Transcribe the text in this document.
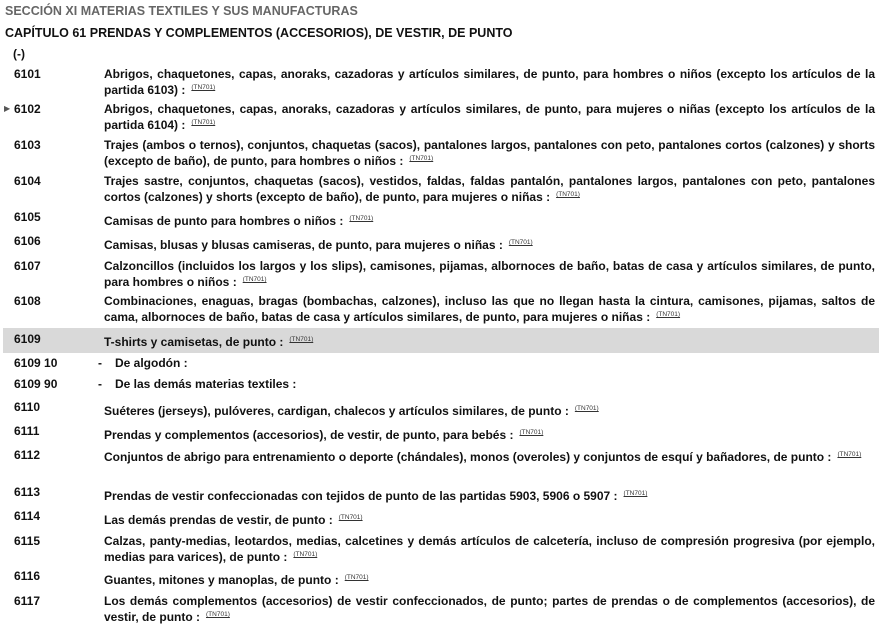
SECCIÓN XI MATERIAS TEXTILES Y SUS MANUFACTURAS
CAPÍTULO 61 PRENDAS Y COMPLEMENTOS (ACCESORIOS), DE VESTIR, DE PUNTO
(-)
6101	Abrigos, chaquetones, capas, anoraks, cazadoras y artículos similares, de punto, para hombres o niños (excepto los artículos de la partida 6103) : $^{(TN701)}$
▶ 6102	Abrigos, chaquetones, capas, anoraks, cazadoras y artículos similares, de punto, para mujeres o niñas (excepto los artículos de la partida 6104) : $^{(TN701)}$
6103	Trajes (ambos o ternos), conjuntos, chaquetas (sacos), pantalones largos, pantalones con peto, pantalones cortos (calzones) y shorts (excepto de baño), de punto, para hombres o niños : $^{(TN701)}$
6104	Trajes sastre, conjuntos, chaquetas (sacos), vestidos, faldas, faldas pantalón, pantalones largos, pantalones con peto, pantalones cortos (calzones) y shorts (excepto de baño), de punto, para mujeres o niñas : $^{(TN701)}$
6105	Camisas de punto para hombres o niños : $^{(TN701)}$
6106	Camisas, blusas y blusas camiseras, de punto, para mujeres o niñas : $^{(TN701)}$
6107	Calzoncillos (incluidos los largos y los slips), camisones, pijamas, albornoces de baño, batas de casa y artículos similares, de punto, para hombres o niños : $^{(TN701)}$
6108	Combinaciones, enaguas, bragas (bombachas, calzones), incluso las que no llegan hasta la cintura, camisones, pijamas, saltos de cama, albornoces de baño, batas de casa y artículos similares, de punto, para mujeres o niñas : $^{(TN701)}$
6109	T-shirts y camisetas, de punto : $^{(TN701)}$
6109 10	- De algodón :
6109 90	- De las demás materias textiles :
6110	Suéteres (jerseys), pulóveres, cardigan, chalecos y artículos similares, de punto : $^{(TN701)}$
6111	Prendas y complementos (accesorios), de vestir, de punto, para bebés : $^{(TN701)}$
6112	Conjuntos de abrigo para entrenamiento o deporte (chándales), monos (overoles) y conjuntos de esquí y bañadores, de punto : $^{(TN701)}$
6113	Prendas de vestir confeccionadas con tejidos de punto de las partidas 5903, 5906 o 5907 : $^{(TN701)}$
6114	Las demás prendas de vestir, de punto : $^{(TN701)}$
6115	Calzas, panty-medias, leotardos, medias, calcetines y demás artículos de calcetería, incluso de compresión progresiva (por ejemplo, medias para varices), de punto : $^{(TN701)}$
6116	Guantes, mitones y manoplas, de punto : $^{(TN701)}$
6117	Los demás complementos (accesorios) de vestir confeccionados, de punto; partes de prendas o de complementos (accesorios), de vestir, de punto : $^{(TN701)}$
